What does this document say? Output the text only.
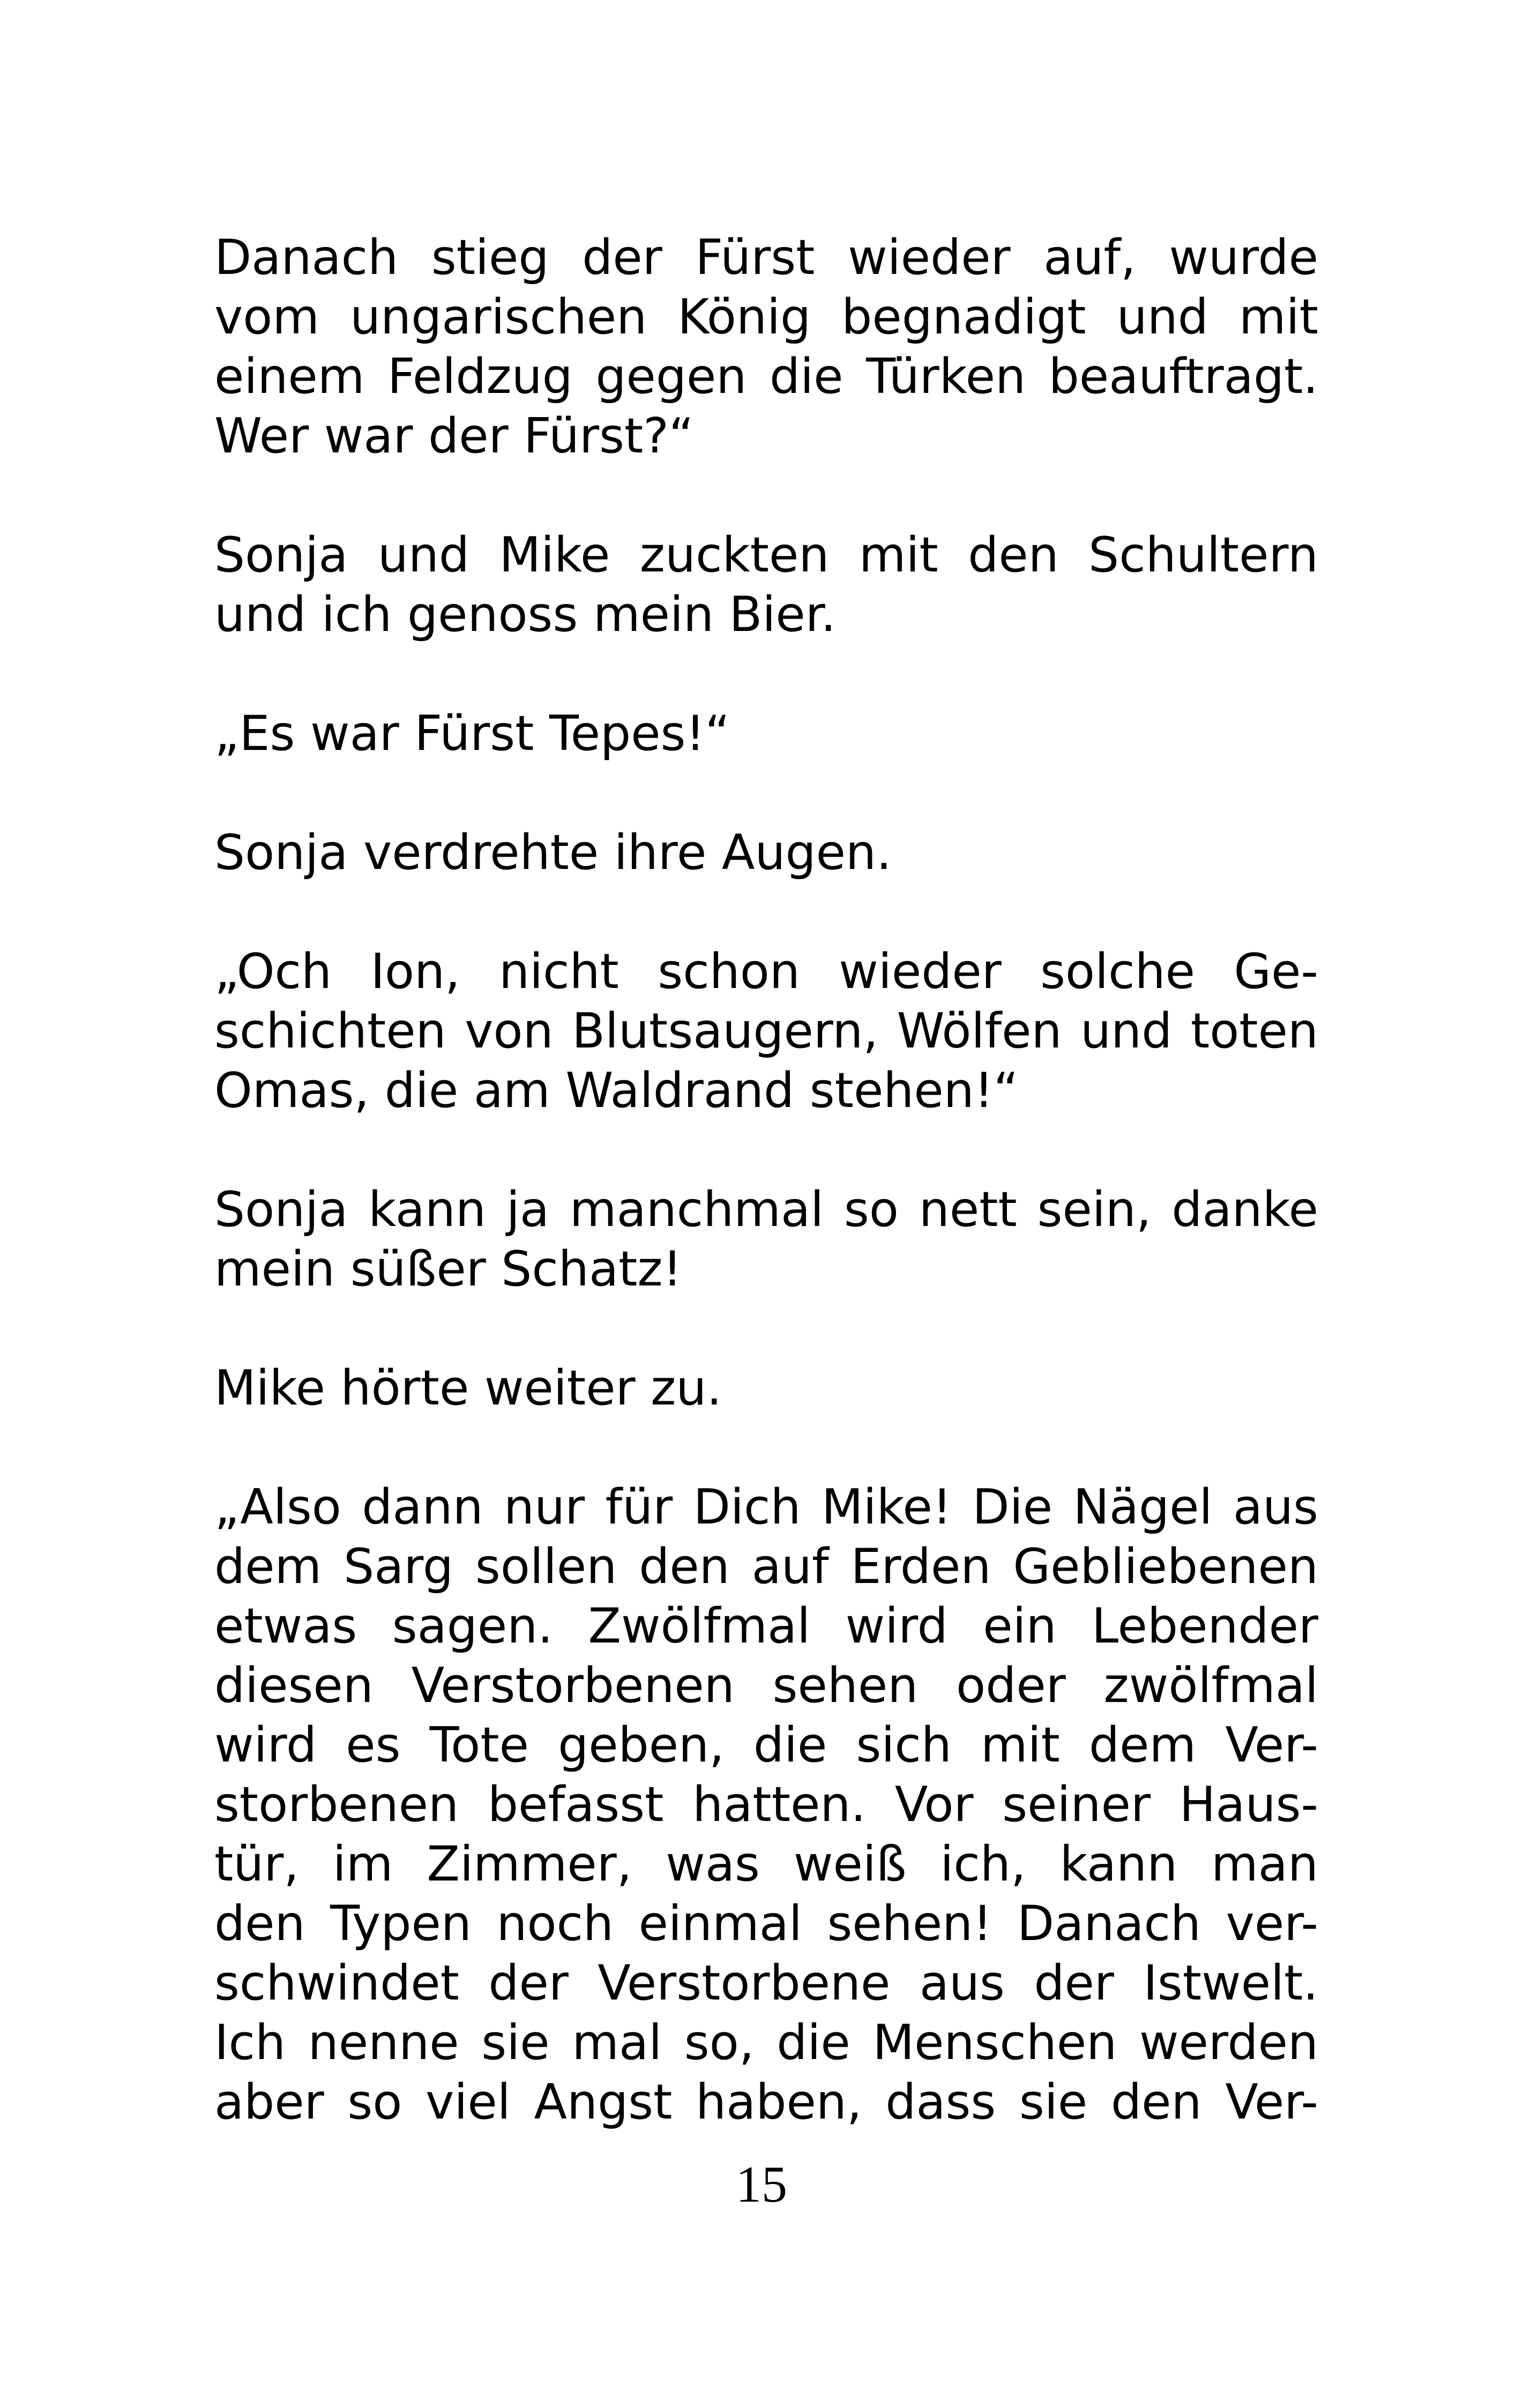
Danach stieg der Fürst wieder auf, wurde
vom ungarischen König begnadigt und mit
einem Feldzug gegen die Türken beauftragt.
Wer war der Fürst?“
Sonja und Mike zuckten mit den Schultern
und ich genoss mein Bier.
„Es war Fürst Tepes!“
Sonja verdrehte ihre Augen.
„Och Ion, nicht schon wieder solche Ge-
schichten von Blutsaugern, Wölfen und toten
Omas, die am Waldrand stehen!“
Sonja kann ja manchmal so nett sein, danke
mein süßer Schatz!
Mike hörte weiter zu.
„Also dann nur für Dich Mike! Die Nägel aus
dem Sarg sollen den auf Erden Gebliebenen
etwas sagen. Zwölfmal wird ein Lebender
diesen Verstorbenen sehen oder zwölfmal
wird es Tote geben, die sich mit dem Ver-
storbenen befasst hatten. Vor seiner Haus-
tür, im Zimmer, was weiß ich, kann man
den Typen noch einmal sehen! Danach ver-
schwindet der Verstorbene aus der Istwelt.
Ich nenne sie mal so, die Menschen werden
aber so viel Angst haben, dass sie den Ver-
15
